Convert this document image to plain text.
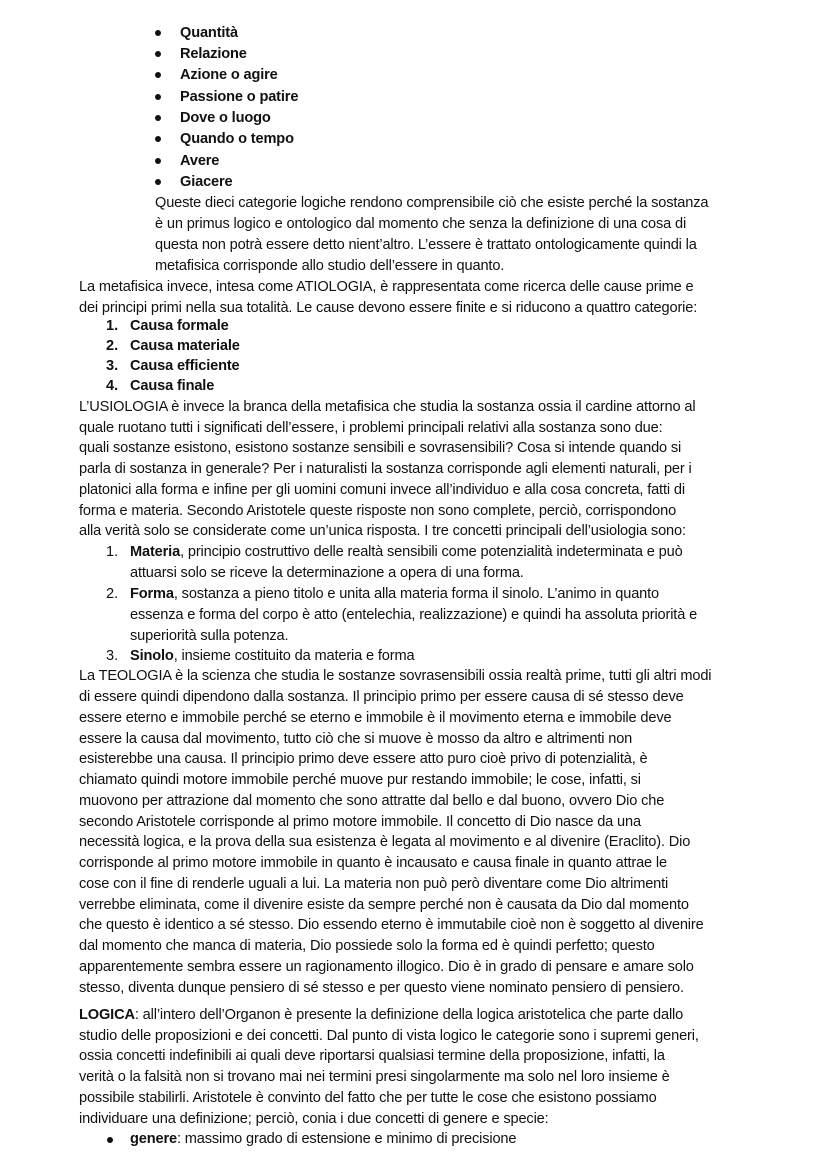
Quantità
Relazione
Azione o agire
Passione o patire
Dove o luogo
Quando o tempo
Avere
Giacere
Queste dieci categorie logiche rendono comprensibile ciò che esiste perché la sostanza
è un primus logico e ontologico dal momento che senza la definizione di una cosa di
questa non potrà essere detto nient’altro. L’essere è trattato ontologicamente quindi la
metafisica corrisponde allo studio dell’essere in quanto.
La metafisica invece, intesa come ATIOLOGIA, è rappresentata come ricerca delle cause prime e
dei principi primi nella sua totalità. Le cause devono essere finite e si riducono a quattro categorie:
1. Causa formale
2. Causa materiale
3. Causa efficiente
4. Causa finale
L’USIOLOGIA è invece la branca della metafisica che studia la sostanza ossia il cardine attorno al
quale ruotano tutti i significati dell’essere, i problemi principali relativi alla sostanza sono due:
quali sostanze esistono, esistono sostanze sensibili e sovrasensibili? Cosa si intende quando si
parla di sostanza in generale? Per i naturalisti la sostanza corrisponde agli elementi naturali, per i
platonici alla forma e infine per gli uomini comuni invece all’individuo e alla cosa concreta, fatti di
forma e materia. Secondo Aristotele queste risposte non sono complete, perciò, corrispondono
alla verità solo se considerate come un’unica risposta. I tre concetti principali dell’usiologia sono:
1. Materia, principio costruttivo delle realtà sensibili come potenzialità indeterminata e può
attuarsi solo se riceve la determinazione a opera di una forma.
2. Forma, sostanza a pieno titolo e unita alla materia forma il sinolo. L’animo in quanto
essenza e forma del corpo è atto (entelechia, realizzazione) e quindi ha assoluta priorità e
superiorità sulla potenza.
3. Sinolo, insieme costituito da materia e forma
La TEOLOGIA è la scienza che studia le sostanze sovrasensibili ossia realtà prime, tutti gli altri modi
di essere quindi dipendono dalla sostanza. Il principio primo per essere causa di sé stesso deve
essere eterno e immobile perché se eterno e immobile è il movimento eterna e immobile deve
essere la causa dal movimento, tutto ciò che si muove è mosso da altro e altrimenti non
esisterebbe una causa. Il principio primo deve essere atto puro cioè privo di potenzialità, è
chiamato quindi motore immobile perché muove pur restando immobile; le cose, infatti, si
muovono per attrazione dal momento che sono attratte dal bello e dal buono, ovvero Dio che
secondo Aristotele corrisponde al primo motore immobile. Il concetto di Dio nasce da una
necessità logica, e la prova della sua esistenza è legata al movimento e al divenire (Eraclito). Dio
corrisponde al primo motore immobile in quanto è incausato e causa finale in quanto attrae le
cose con il fine di renderle uguali a lui. La materia non può però diventare come Dio altrimenti
verrebbe eliminata, come il divenire esiste da sempre perché non è causata da Dio dal momento
che questo è identico a sé stesso. Dio essendo eterno è immutabile cioè non è soggetto al divenire
dal momento che manca di materia, Dio possiede solo la forma ed è quindi perfetto; questo
apparentemente sembra essere un ragionamento illogico. Dio è in grado di pensare e amare solo
stesso, diventa dunque pensiero di sé stesso e per questo viene nominato pensiero di pensiero.
LOGICA: all’intero dell’Organon è presente la definizione della logica aristotelica che parte dallo
studio delle proposizioni e dei concetti. Dal punto di vista logico le categorie sono i supremi generi,
ossia concetti indefinibili ai quali deve riportarsi qualsiasi termine della proposizione, infatti, la
verità o la falsità non si trovano mai nei termini presi singolarmente ma solo nel loro insieme è
possibile stabilirli. Aristotele è convinto del fatto che per tutte le cose che esistono possiamo
individuare una definizione; perciò, conia i due concetti di genere e specie:
genere: massimo grado di estensione e minimo di precisione
